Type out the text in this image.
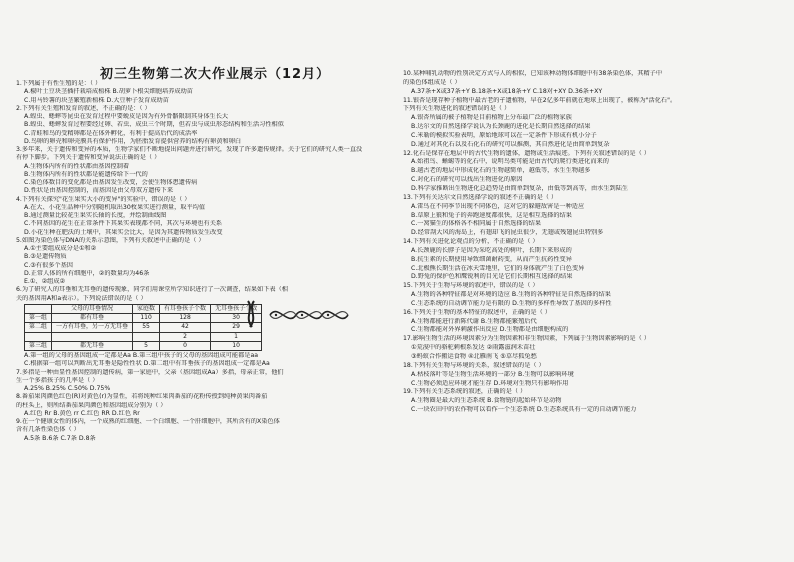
初三生物第二次大作业展示（12月）
1.下列属于有性生殖的是：（ ）
A.椒叶土豆块茎插扦栽培成植株 B.胡萝卜根尖细胞培养成幼苗
C.用马铃薯的块茎繁殖新植株 D.大豆种子发育成幼苗
2.下列有关生殖和发育的叙述，不正确的是：（ ）
A.蝗虫、蟋蟀等昆虫在发育过程中要蜕皮是因为有外骨骼限制其身体生长大
B.蝗虫、蟋蟀发育过程要经过卵、若虫、成虫三个时期，但若虫与成虫形态结构和生活习性相似
C.青蛙和鸟的受精卵都是在体外孵化，有利于提高后代的成活率
D.鸟卵的卵壳和卵壳膜具有保护作用，为胚胎发育提供营养的结构有卵黄和卵白
3.多年来，关于遗传和变异的本质，生物学家们不断地提出问题并进行研究，发现了许多遗传规律。关于它们的研究人类一直没
有停下脚步。下列关于遗传和变异说法正确的是（ ）
A.生物体内所有的性状都由基因控制着
B.生物体内所有的性状都是能遗传给下一代的
C.染色体数目的变化都是由基因发生改变，会使生物体患遗传病
D.性状是由基因控制的，而基因是由父母双方遗传下来
4.下列有关探究"花生果实大小的变异"的实验中，错误的是（ ）
A.在大、小花生品种中分别随机取出30枚果实进行测量，取平均值
B.通过测量比较花生果实长轴的长度，并绘制曲线图
C.不同基因的花生在正常条件下其果实表现都不同，其次与环境也有关系
D.小花生种在肥沃的土壤中，其果实会比大，是因为其遗传物质发生改变
5.如图为染色体与DNA的关系示意图，下列有关叙述中正确的是（ ）
A.①主要组成成分是①和②
B.③是遗传物质
C.③有很多个基因
D.正常人体的所有细胞中，②的数量均为46条
E.①、②组成②
6.为了研究人的耳垂和无耳垂的遗传现象，同学们用课堂所学知识进行了一次调查，结果如下表（相
关的基因用A和a表示）。下列说法错误的是（ ）
	父母的耳垂情况	家庭数	有耳垂孩子个数	无耳垂孩子个数
第一组	都有耳垂	110	128	30
第二组	一方有耳垂，另一方无耳垂	55	42	29
			2	1
第三组	都无耳垂	5	0	10
A.第一组的父母的基因组成一定都是Aa B.第三组中孩子的父母的基因组成可能都是aa
C.根据第一组可以判断出无耳垂是隐性性状 D.第二组中有耳垂孩子的基因组成一定都是Aa
7.多指是一种由显性基因控制的遗传病，第一家庭中，父亲（基因组成Aa）多指，母亲正常，他们
生一个多指孩子的几率是（ ）
A.25% B.25% C.50% D.75%
8.番茄果肉颜色红色(R)对黄色(r)为显性，若将纯种红果肉番茄的花粉传授到纯种黄果肉番茄
的柱头上，则所结番茄果肉颜色和基因组成分别为（ ）
A.红色 Rr B.黄色 rr C.红色 RR D.红色 Rr
9.在一个健康女性的体内，一个成熟的红细胞、一个白细胞、一个肝细胞中，其所含有的X染色体
含有几条性染色体（ ）
A.5条 B.6条 C.7条 D.8条
10.某种哺乳动物的性别决定方式与人的相似，已知该种动物体细胞中有38条染色体，其精子中
的染色体组成是（ ）
A.37条+X或37条+Y B.18条+X或18条+Y C.18对+XY D.36条+XY
11.银杏是现存种子植物中最古老的孑遗植物，早在2亿多年前就在地球上出现了，被称为"活化石"。
下列有关生物进化的叙述错误的是（ ）
A.银杏所属的被子植物是目前植物上分布最广泛的植物家族
B.达尔文的自然选择学说认为长颈鹿的进化是长期自然选择的结果
C.米勒的模拟实验表明，原始地球可以在一定条件下形成有机小分子
D.通过对其化石以及石化石的研究可以推测，其自然进化是由简单到复杂
12.化石是保存在地层中的古代生物的遗体，遗物或生活痕迹。下列有关叙述错误的是（ ）
A.始祖鸟、蜥蜴等的化石中，说明鸟类可能是由古代的爬行类进化而来的
B.越古老的地层中形成化石的生物越简单，越低等，水生生物越多
C.对化石的研究可以找出生物进化的原因
D.科学家推断出生物进化总趋势是由简单到复杂，由低等到高等，由水生到陆生
13.下列有关达尔文自然选择学说的叙述不正确的是（ ）
A.雷鸟在不同季节出现不同体色，这对它的躲避敌害是一种适应
B.草原上狼和兔子的奔跑速度都很快，这是相互选择的结果
C.一窝猫生的体格各不相同属于自然选择的结果
D.经常刮大风的海岛上，有翅却飞的昆虫很少，无翅或残翅昆虫特别多
14.下列有关进化论观点的分析，不正确的是（ ）
A.长颈鹿的长脖子是因为采吃高处的树叶，长期下来形成的
B.抗生素的长期使用导致细菌耐药变，从而产生抗药性变异
C.北极熊长期生活在冰天雪地里，它们的身体就产生了白色变异
D.野兔的保护色和鹰锐利的目光是它们长期相互选择的结果
15.下列关于生物与环境的叙述中，错误的是（ ）
A.生物的各种特征都是对环境的适应 B.生物的各种特征是自然选择的结果
C.生态系统的自动调节能力是有限的 D.生物的多样性导致了基因的多样性
16.下列关于生物的基本特征的叙述中，正确的是（ ）
A.生物都能进行新陈代谢 B.生物都能繁殖后代
C.生物都能对外界刺激作出反应 D.生物都是由细胞构成的
17.影响生物生活的环境因素分为生物因素和非生物因素，下列属于生物因素影响的是（ ）
①荒漠中的骆驼刺根系发达 ②雨露滋润禾苗壮
③蚂蚁合作搬运食物 ④北雁南飞 ⑤草尽狐兔愁
18.下列有关生物与环境的关系，叙述错误的是（ ）
A.枯枝落叶等是生物生活环境的一部分 B.生物可以影响环境
C.生物必须适应环境才能生存 D.环境对生物只有影响作用
19.下列有关生态系统的叙述，正确的是（ ）
A.生物圈是最大的生态系统 B.食物链的起始环节是动物
C.一块农田中的农作物可以看作一个生态系统 D.生态系统具有一定的自动调节能力
